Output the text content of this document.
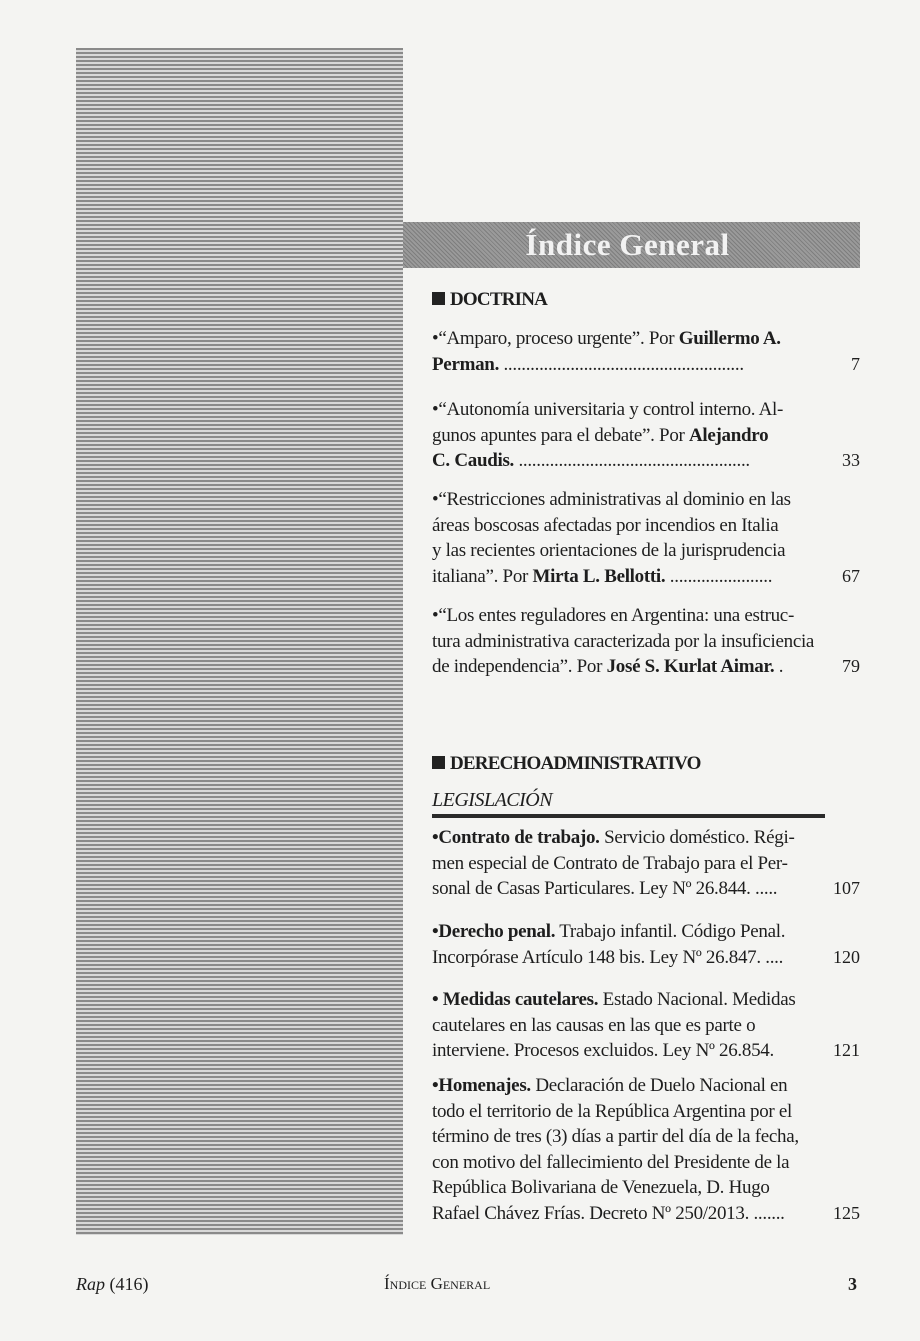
Índice General
DOCTRINA
•“Amparo, proceso urgente”. Por Guillermo A.
Perman. ......................................................	7
•“Autonomía universitaria y control interno. Al-
gunos apuntes para el debate”. Por Alejandro
C. Caudis. ....................................................	33
•“Restricciones administrativas al dominio en las
áreas boscosas afectadas por incendios en Italia
y las recientes orientaciones de la jurisprudencia
italiana”. Por Mirta L. Bellotti. .......................	67
•“Los entes reguladores en Argentina: una estruc-
tura administrativa caracterizada por la insuficiencia
de independencia”. Por José S. Kurlat Aimar. .	79
DERECHOADMINISTRATIVO
LEGISLACIÓN
•Contrato de trabajo. Servicio doméstico. Régi-
men especial de Contrato de Trabajo para el Per-
sonal de Casas Particulares. Ley Nº 26.844. .....	107
•Derecho penal. Trabajo infantil. Código Penal.
Incorpórase Artículo 148 bis. Ley Nº 26.847. ....	120
• Medidas cautelares. Estado Nacional. Medidas
cautelares en las causas en las que es parte o
interviene. Procesos excluidos. Ley Nº 26.854.	121
•Homenajes. Declaración de Duelo Nacional en
todo el territorio de la República Argentina por el
término de tres (3) días a partir del día de la fecha,
con motivo del fallecimiento del Presidente de la
República Bolivariana de Venezuela, D. Hugo
Rafael Chávez Frías. Decreto Nº 250/2013. .......	125
Rap (416)	Índice General	3
